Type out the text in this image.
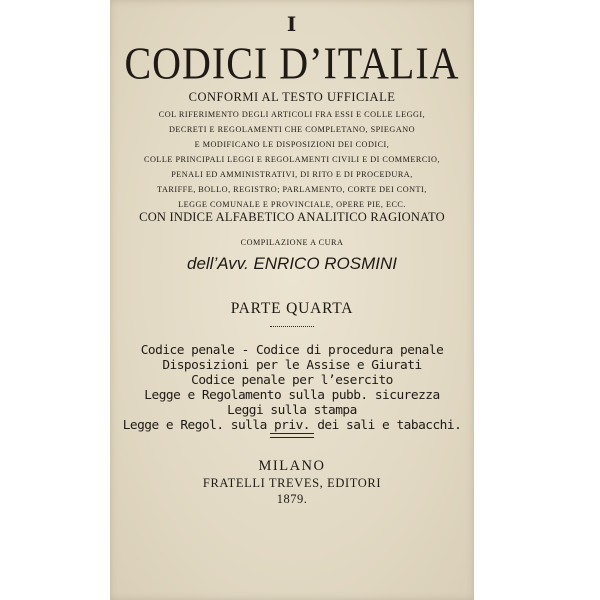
I
CODICI D’ITALIA
CONFORMI AL TESTO UFFICIALE
COL RIFERIMENTO DEGLI ARTICOLI FRA ESSI E COLLE LEGGI,
DECRETI E REGOLAMENTI CHE COMPLETANO, SPIEGANO
E MODIFICANO LE DISPOSIZIONI DEI CODICI,
COLLE PRINCIPALI LEGGI E REGOLAMENTI CIVILI E DI COMMERCIO,
PENALI ED AMMINISTRATIVI, DI RITO E DI PROCEDURA,
TARIFFE, BOLLO, REGISTRO; PARLAMENTO, CORTE DEI CONTI,
LEGGE COMUNALE E PROVINCIALE, OPERE PIE, ECC.
CON INDICE ALFABETICO ANALITICO RAGIONATO
COMPILAZIONE A CURA
dell’Avv. ENRICO ROSMINI
PARTE QUARTA
Codice penale - Codice di procedura penale
Disposizioni per le Assise e Giurati
Codice penale per l’esercito
Legge e Regolamento sulla pubb. sicurezza
Leggi sulla stampa
Legge e Regol. sulla priv. dei sali e tabacchi.
MILANO
FRATELLI TREVES, EDITORI
1879.
